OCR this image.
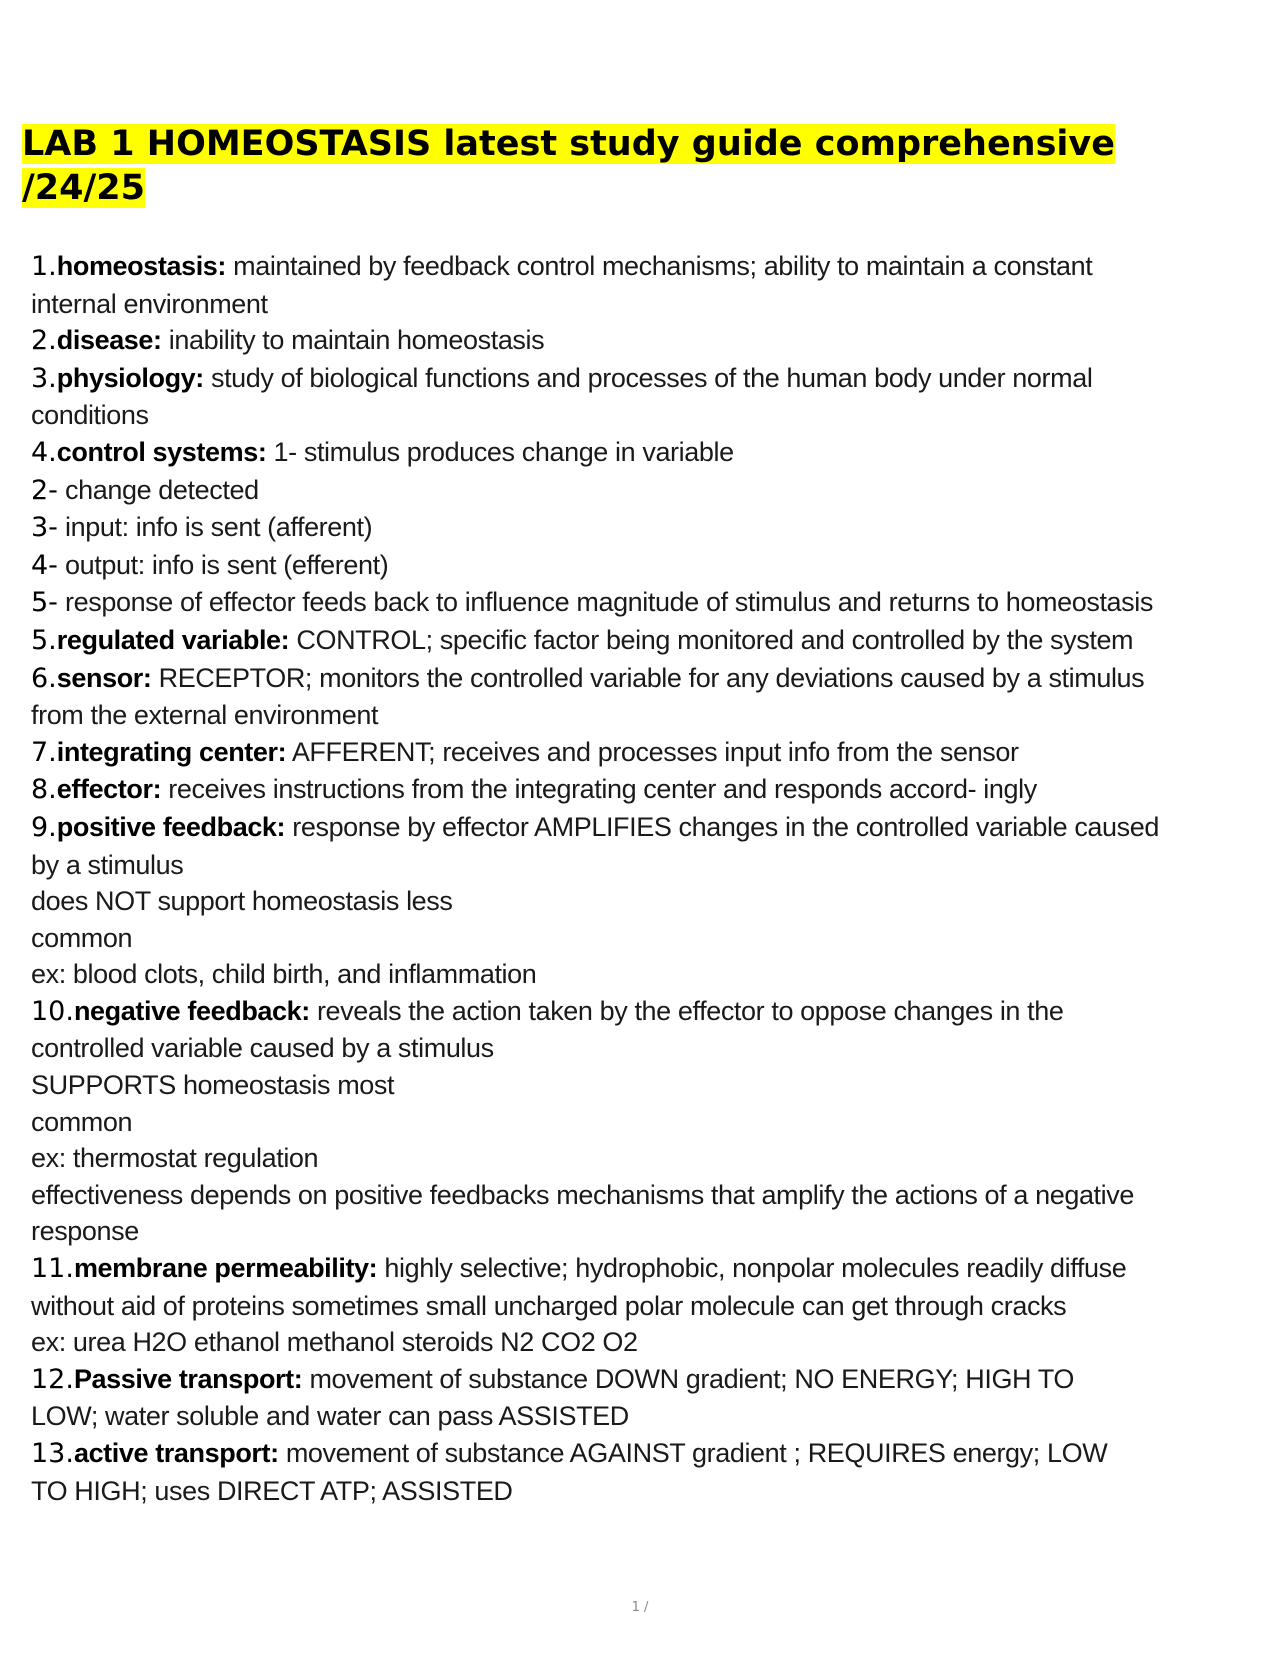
LAB 1 HOMEOSTASIS latest study guide comprehensive /24/25
1.homeostasis: maintained by feedback control mechanisms; ability to maintain a constant
internal environment
2.disease: inability to maintain homeostasis
3.physiology: study of biological functions and processes of the human body under normal
conditions
4.control systems: 1- stimulus produces change in variable
2- change detected
3- input: info is sent (afferent)
4- output: info is sent (efferent)
5- response of effector feeds back to influence magnitude of stimulus and returns to homeostasis
5.regulated variable: CONTROL; specific factor being monitored and controlled by the system
6.sensor: RECEPTOR; monitors the controlled variable for any deviations caused by a stimulus
from the external environment
7.integrating center: AFFERENT; receives and processes input info from the sensor
8.effector: receives instructions from the integrating center and responds accord- ingly
9.positive feedback: response by effector AMPLIFIES changes in the controlled variable caused
by a stimulus
does NOT support homeostasis less
common
ex: blood clots, child birth, and inflammation
10.negative feedback: reveals the action taken by the effector to oppose changes in the
controlled variable caused by a stimulus
SUPPORTS homeostasis most
common
ex: thermostat regulation
effectiveness depends on positive feedbacks mechanisms that amplify the actions of a negative
response
11.membrane permeability: highly selective; hydrophobic, nonpolar molecules readily diffuse
without aid of proteins sometimes small uncharged polar molecule can get through cracks
ex: urea H2O ethanol methanol steroids N2 CO2 O2
12.Passive transport: movement of substance DOWN gradient; NO ENERGY; HIGH TO
LOW; water soluble and water can pass ASSISTED
13.active transport: movement of substance AGAINST gradient ; REQUIRES energy; LOW
TO HIGH; uses DIRECT ATP; ASSISTED
1 /
